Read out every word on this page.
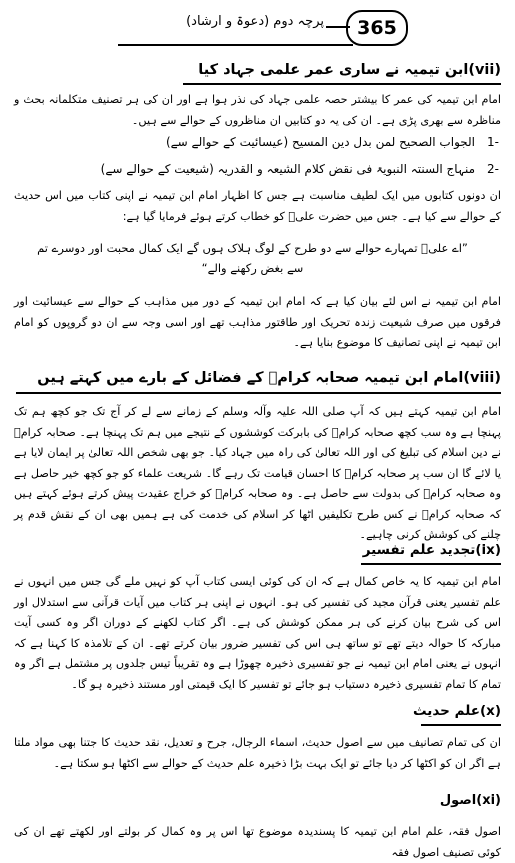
365
پرچہ دوم (دعوۃ و ارشاد)
(vii)ابن تیمیہ نے ساری عمر علمی جہاد کیا
امام ابن تیمیہ کی عمر کا بیشتر حصہ علمی جہاد کی نذر ہوا ہے اور ان کی ہر تصنیف متکلمانہ بحث و مناظرہ سے بھری پڑی ہے۔ ان کی یہ دو کتابیں ان مناظروں کے حوالے سے ہیں۔
-1
الجواب الصحیح لمن بدل دین المسیح (عیسائیت کے حوالے سے)
-2
منہاج السنتہ النبویۃ فی نقض کلام الشیعہ و القدریہ (شیعیت کے حوالے سے)
ان دونوں کتابوں میں ایک لطیف مناسبت ہے جس کا اظہار امام ابن تیمیہ نے اپنی کتاب میں اس حدیث کے حوالے سے کیا ہے۔ جس میں حضرت علیؓ کو خطاب کرتے ہوئے فرمایا گیا ہے:
”اے علیؓ تمہارے حوالے سے دو طرح کے لوگ ہلاک ہوں گے ایک کمال محبت اور دوسرے تم سے بغض رکھنے والے“
امام ابن تیمیہ نے اس لئے بیان کیا ہے کہ امام ابن تیمیہ کے دور میں مذاہب کے حوالے سے عیسائیت اور فرقوں میں صرف شیعیت زندہ تحریک اور طاقتور مذاہب تھے اور اسی وجہ سے ان دو گروپوں کو امام ابن تیمیہ نے اپنی تصانیف کا موضوع بنایا ہے۔
(viii)امام ابن تیمیہ صحابہ کرامؓ کے فضائل کے بارے میں کہتے ہیں
امام ابن تیمیہ کہتے ہیں کہ آپ صلی اللہ علیہ وآلہ وسلم کے زمانے سے لے کر آج تک جو کچھ ہم تک پہنچا ہے وہ سب کچھ صحابہ کرامؓ کی بابرکت کوششوں کے نتیجے میں ہم تک پہنچا ہے۔ صحابہ کرامؓ نے دین اسلام کی تبلیغ کی اور اللہ تعالیٰ کی راہ میں جہاد کیا۔ جو بھی شخص اللہ تعالیٰ پر ایمان لایا ہے یا لائے گا ان سب پر صحابہ کرامؓ کا احسان قیامت تک رہے گا۔ شریعت علماء کو جو کچھ خیر حاصل ہے وہ صحابہ کرامؓ کی بدولت سے حاصل ہے۔ وہ صحابہ کرامؓ کو خراج عقیدت پیش کرتے ہوئے کہتے ہیں کہ صحابہ کرامؓ نے کس طرح تکلیفیں اٹھا کر اسلام کی خدمت کی ہے ہمیں بھی ان کے نقش قدم پر چلنے کی کوشش کرنی چاہیے۔
(ix)تجدید علم تفسیر
امام ابن تیمیہ کا یہ خاص کمال ہے کہ ان کی کوئی ایسی کتاب آپ کو نہیں ملے گی جس میں انہوں نے علم تفسیر یعنی قرآن مجید کی تفسیر کی ہو۔ انہوں نے اپنی ہر کتاب میں آیات قرآنی سے استدلال اور اس کی شرح بیان کرنے کی ہر ممکن کوشش کی ہے۔ اگر کتاب لکھنے کے دوران اگر وہ کسی آیت مبارکہ کا حوالہ دیتے تھے تو ساتھ ہی اس کی تفسیر ضرور بیان کرتے تھے۔ ان کے تلامذہ کا کہنا ہے کہ انہوں نے یعنی امام ابن تیمیہ نے جو تفسیری ذخیرہ چھوڑا ہے وہ تقریباً تیس جلدوں پر مشتمل ہے اگر وہ تمام کا تمام تفسیری ذخیرہ دستیاب ہو جائے تو تفسیر کا ایک قیمتی اور مستند ذخیرہ ہو گا۔
(x)علم حدیث
ان کی تمام تصانیف میں سے اصول حدیث، اسماء الرجال، جرح و تعدیل، نقد حدیث کا جتنا بھی مواد ملتا ہے اگر ان کو اکٹھا کر دیا جائے تو ایک بہت بڑا ذخیرہ علم حدیث کے حوالے سے اکٹھا ہو سکتا ہے۔
(xi)اصول
اصول فقہ، علم امام ابن تیمیہ کا پسندیدہ موضوع تھا اس پر وہ کمال کر بولتے اور لکھتے تھے ان کی کوئی تصنیف اصول فقہ
